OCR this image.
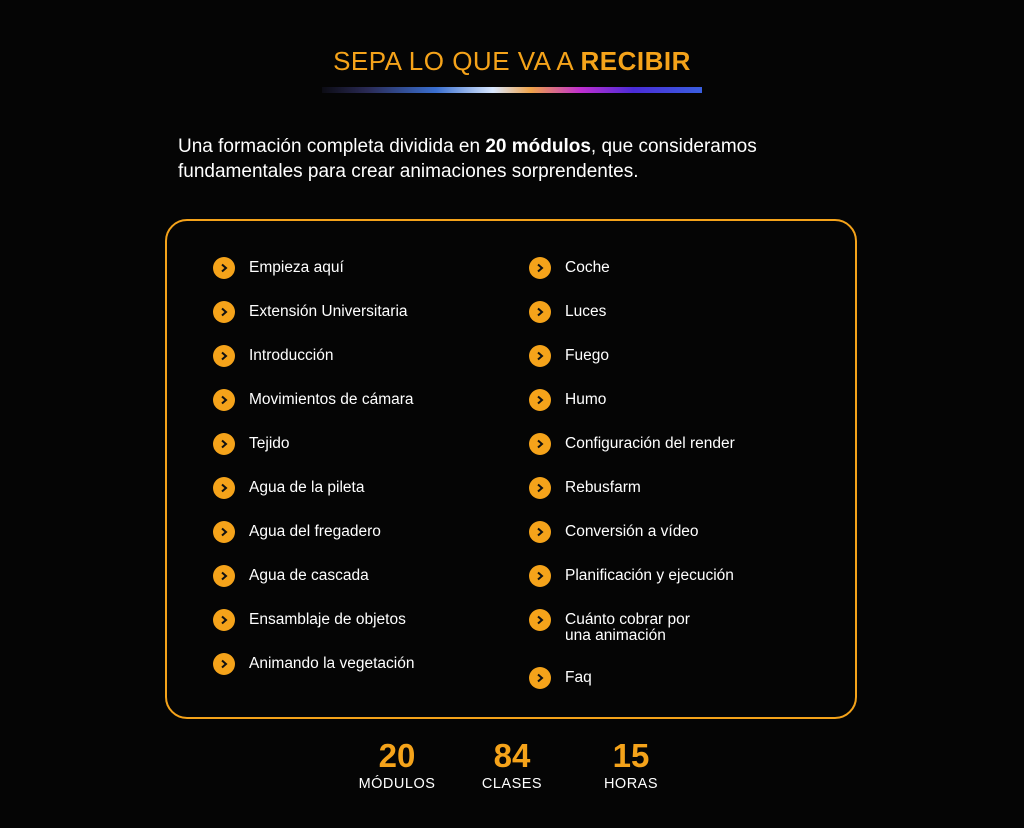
SEPA LO QUE VA A RECIBIR

Una formación completa dividida en 20 módulos, que consideramos fundamentales para crear animaciones sorprendentes.

Empieza aquí
Extensión Universitaria
Introducción
Movimientos de cámara
Tejido
Agua de la pileta
Agua del fregadero
Agua de cascada
Ensamblaje de objetos
Animando la vegetación
Coche
Luces
Fuego
Humo
Configuración del render
Rebusfarm
Conversión a vídeo
Planificación y ejecución
Cuánto cobrar por
una animación
Faq
20
MÓDULOS
84
CLASES
15
HORAS
